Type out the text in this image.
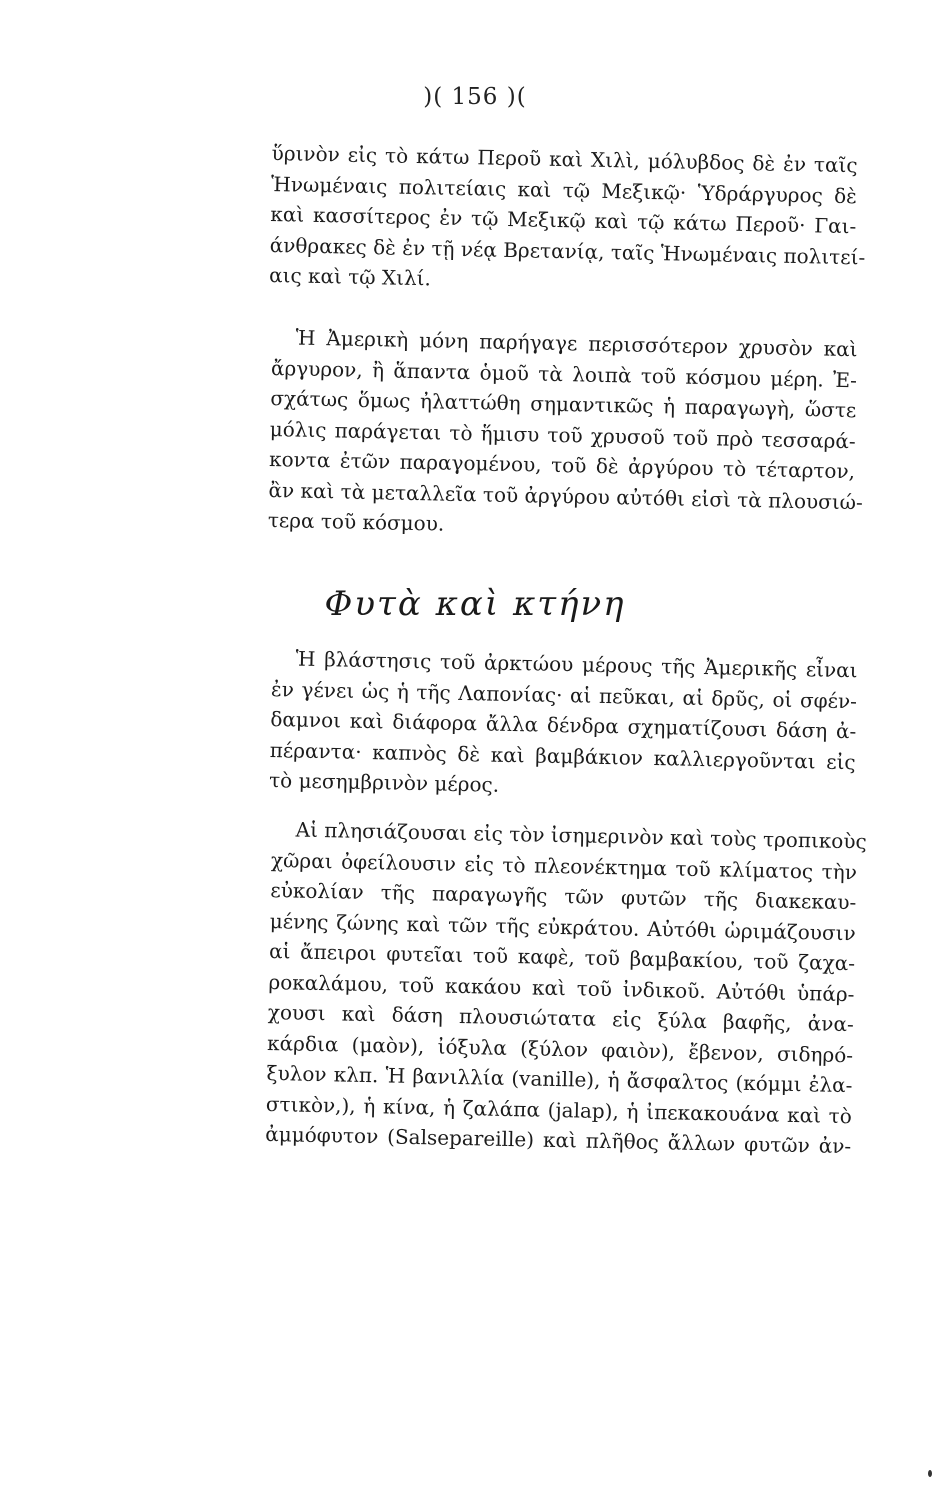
)( 156 )(
ὕρινὸν εἰς τὸ κάτω Περοῦ καὶ Χιλὶ, μόλυβδος δὲ ἐν ταῖς
Ἡνωμέναις πολιτείαις καὶ τῷ Μεξικῷ· Ὑδράργυρος δὲ
καὶ κασσίτερος ἐν τῷ Μεξικῷ καὶ τῷ κάτω Περοῦ· Γαι-
άνθρακες δὲ ἐν τῇ νέᾳ Βρετανίᾳ, ταῖς Ἡνωμέναις πολιτεί-
αις καὶ τῷ Χιλί.
Ἡ Ἀμερικὴ μόνη παρήγαγε περισσότερον χρυσὸν καὶ
ἄργυρον, ἢ ἅπαντα ὁμοῦ τὰ λοιπὰ τοῦ κόσμου μέρη. Ἐ-
σχάτως ὅμως ἠλαττώθη σημαντικῶς ἡ παραγωγὴ, ὥστε
μόλις παράγεται τὸ ἥμισυ τοῦ χρυσοῦ τοῦ πρὸ τεσσαρά-
κοντα ἐτῶν παραγομένου, τοῦ δὲ ἀργύρου τὸ τέταρτον,
ἂν καὶ τὰ μεταλλεῖα τοῦ ἀργύρου αὐτόθι εἰσὶ τὰ πλουσιώ-
τερα τοῦ κόσμου.
Φυτὰ καὶ κτήνη
Ἡ βλάστησις τοῦ ἀρκτώου μέρους τῆς Ἀμερικῆς εἶναι
ἐν γένει ὡς ἡ τῆς Λαπονίας· αἱ πεῦκαι, αἱ δρῦς, οἱ σφέν-
δαμνοι καὶ διάφορα ἄλλα δένδρα σχηματίζουσι δάση ἀ-
πέραντα· καπνὸς δὲ καὶ βαμβάκιον καλλιεργοῦνται εἰς
τὸ μεσημβρινὸν μέρος.
Αἱ πλησιάζουσαι εἰς τὸν ἰσημερινὸν καὶ τοὺς τροπικοὺς
χῶραι ὀφείλουσιν εἰς τὸ πλεονέκτημα τοῦ κλίματος τὴν
εὐκολίαν τῆς παραγωγῆς τῶν φυτῶν τῆς διακεκαυ-
μένης ζώνης καὶ τῶν τῆς εὐκράτου. Αὐτόθι ὡριμάζουσιν
αἱ ἄπειροι φυτεῖαι τοῦ καφὲ, τοῦ βαμβακίου, τοῦ ζαχα-
ροκαλάμου, τοῦ κακάου καὶ τοῦ ἰνδικοῦ. Αὐτόθι ὑπάρ-
χουσι καὶ δάση πλουσιώτατα εἰς ξύλα βαφῆς, ἀνα-
κάρδια (μαὸν), ἰόξυλα (ξύλον φαιὸν), ἔβενον, σιδηρό-
ξυλον κλπ. Ἡ βανιλλία (vanille), ἡ ἄσφαλτος (κόμμι ἐλα-
στικὸν,), ἡ κίνα, ἡ ζαλάπα (jalap), ἡ ἰπεκακουάνα καὶ τὸ
ἀμμόφυτον (Salsepareille) καὶ πλῆθος ἄλλων φυτῶν ἀν-
